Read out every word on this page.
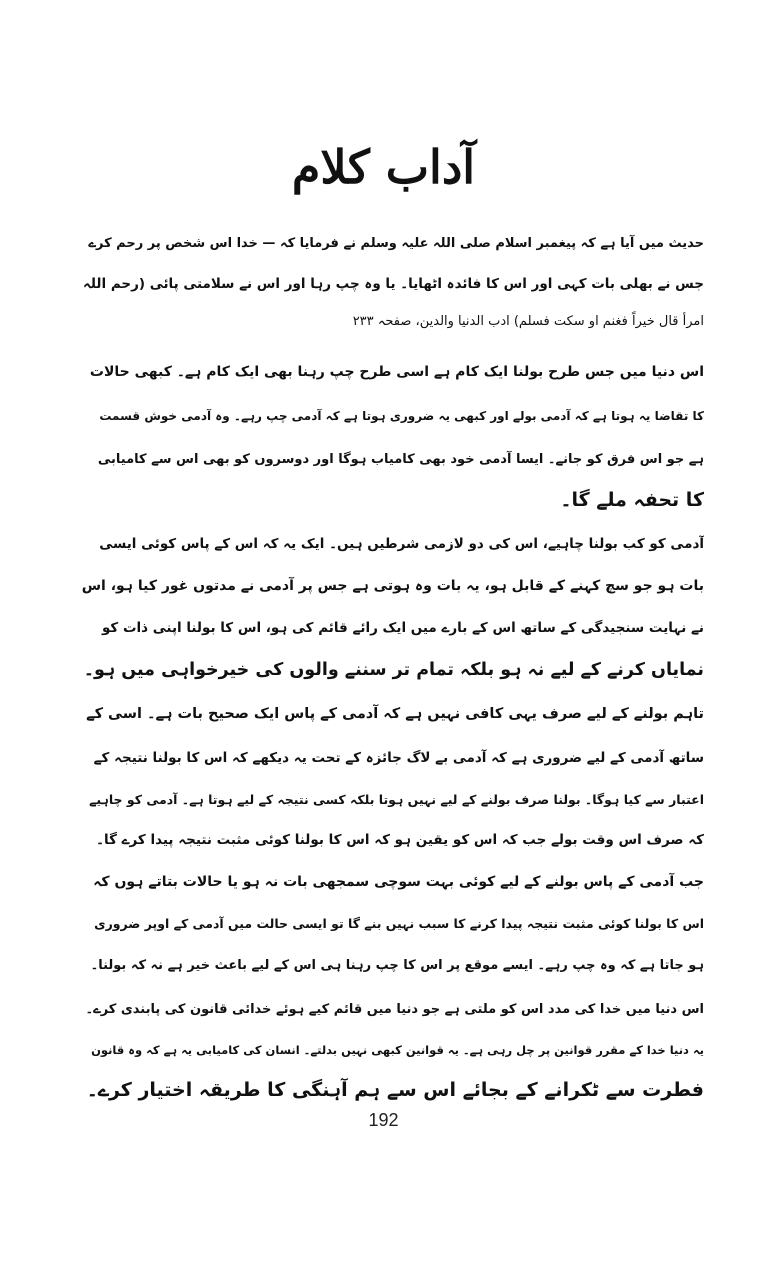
آداب کلام
حدیث میں آیا ہے کہ پیغمبر اسلام صلی اللہ علیہ وسلم نے فرمایا کہ — خدا اس شخص پر رحم کرے
جس نے بھلی بات کہی اور اس کا فائدہ اٹھایا۔ یا وہ چپ رہا اور اس نے سلامتی پائی (رحم اللہ
امرأ قال خیراً فغنم او سکت فسلم) ادب الدنیا والدین، صفحہ ۲۳۳
اس دنیا میں جس طرح بولنا ایک کام ہے اسی طرح چپ رہنا بھی ایک کام ہے۔ کبھی حالات
کا تقاضا یہ ہوتا ہے کہ آدمی بولے اور کبھی یہ ضروری ہوتا ہے کہ آدمی چپ رہے۔ وہ آدمی خوش قسمت
ہے جو اس فرق کو جانے۔ ایسا آدمی خود بھی کامیاب ہوگا اور دوسروں کو بھی اس سے کامیابی
کا تحفہ ملے گا۔
آدمی کو کب بولنا چاہیے، اس کی دو لازمی شرطیں ہیں۔ ایک یہ کہ اس کے پاس کوئی ایسی
بات ہو جو سچ کہنے کے قابل ہو، یہ بات وہ ہوتی ہے جس پر آدمی نے مدتوں غور کیا ہو، اس
نے نہایت سنجیدگی کے ساتھ اس کے بارے میں ایک رائے قائم کی ہو، اس کا بولنا اپنی ذات کو
نمایاں کرنے کے لیے نہ ہو بلکہ تمام تر سننے والوں کی خیرخواہی میں ہو۔
تاہم بولنے کے لیے صرف یہی کافی نہیں ہے کہ آدمی کے پاس ایک صحیح بات ہے۔ اسی کے
ساتھ آدمی کے لیے ضروری ہے کہ آدمی بے لاگ جائزہ کے تحت یہ دیکھے کہ اس کا بولنا نتیجہ کے
اعتبار سے کیا ہوگا۔ بولنا صرف بولنے کے لیے نہیں ہوتا بلکہ کسی نتیجہ کے لیے ہوتا ہے۔ آدمی کو چاہیے
کہ صرف اس وقت بولے جب کہ اس کو یقین ہو کہ اس کا بولنا کوئی مثبت نتیجہ پیدا کرے گا۔
جب آدمی کے پاس بولنے کے لیے کوئی بہت سوچی سمجھی بات نہ ہو یا حالات بتاتے ہوں کہ
اس کا بولنا کوئی مثبت نتیجہ پیدا کرنے کا سبب نہیں بنے گا تو ایسی حالت میں آدمی کے اوپر ضروری
ہو جاتا ہے کہ وہ چپ رہے۔ ایسے موقع پر اس کا چپ رہنا ہی اس کے لیے باعث خیر ہے نہ کہ بولنا۔
اس دنیا میں خدا کی مدد اس کو ملتی ہے جو دنیا میں قائم کیے ہوئے خدائی قانون کی پابندی کرے۔
یہ دنیا خدا کے مقرر قوانین پر چل رہی ہے۔ یہ قوانین کبھی نہیں بدلتے۔ انسان کی کامیابی یہ ہے کہ وہ قانون
فطرت سے ٹکرانے کے بجائے اس سے ہم آہنگی کا طریقہ اختیار کرے۔
192
